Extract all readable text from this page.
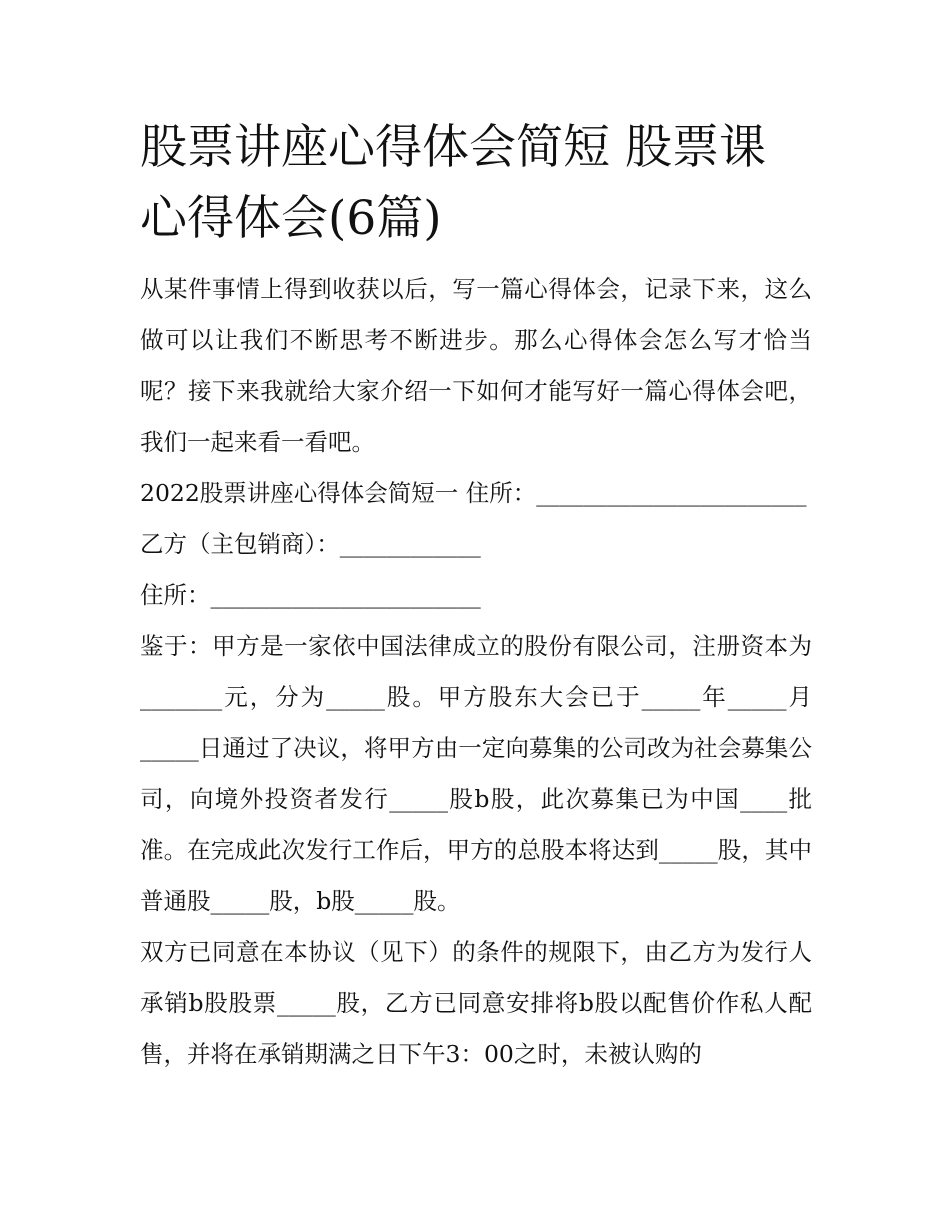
股票讲座心得体会简短 股票课心得体会(6篇)

从某件事情上得到收获以后，写一篇心得体会，记录下来，这么做可以让我们不断思考不断进步。那么心得体会怎么写才恰当呢？接下来我就给大家介绍一下如何才能写好一篇心得体会吧，我们一起来看一看吧。

2022股票讲座心得体会简短一 住所：_______________________

乙方（主包销商）：____________

住所：_______________________

鉴于：甲方是一家依中国法律成立的股份有限公司，注册资本为_______元，分为_____股。甲方股东大会已于_____年_____月_____日通过了决议，将甲方由一定向募集的公司改为社会募集公司，向境外投资者发行_____股b股，此次募集已为中国____批准。在完成此次发行工作后，甲方的总股本将达到_____股，其中普通股_____股，b股_____股。

双方已同意在本协议（见下）的条件的规限下，由乙方为发行人承销b股股票_____股，乙方已同意安排将b股以配售价作私人配售，并将在承销期满之日下午3：00之时，未被认购的
